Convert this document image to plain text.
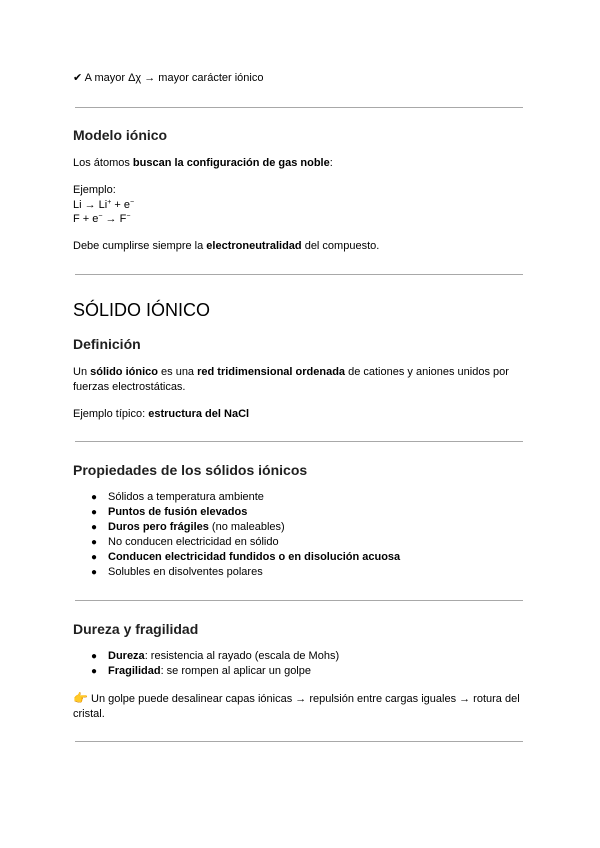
✔ A mayor Δχ → mayor carácter iónico

Modelo iónico

Los átomos buscan la configuración de gas noble:

Ejemplo:

Li → Li+ + e−

F + e− → F−

Debe cumplirse siempre la electroneutralidad del compuesto.

SÓLIDO IÓNICO
Definición

Un sólido iónico es una red tridimensional ordenada de cationes y aniones unidos por fuerzas electrostáticas.

Ejemplo típico: estructura del NaCl

Propiedades de los sólidos iónicos
● Sólidos a temperatura ambiente
● Puntos de fusión elevados
● Duros pero frágiles (no maleables)
● No conducen electricidad en sólido
● Conducen electricidad fundidos o en disolución acuosa
● Solubles en disolventes polares
Dureza y fragilidad
● Dureza: resistencia al rayado (escala de Mohs)
● Fragilidad: se rompen al aplicar un golpe

👉 Un golpe puede desalinear capas iónicas → repulsión entre cargas iguales → rotura del cristal.
